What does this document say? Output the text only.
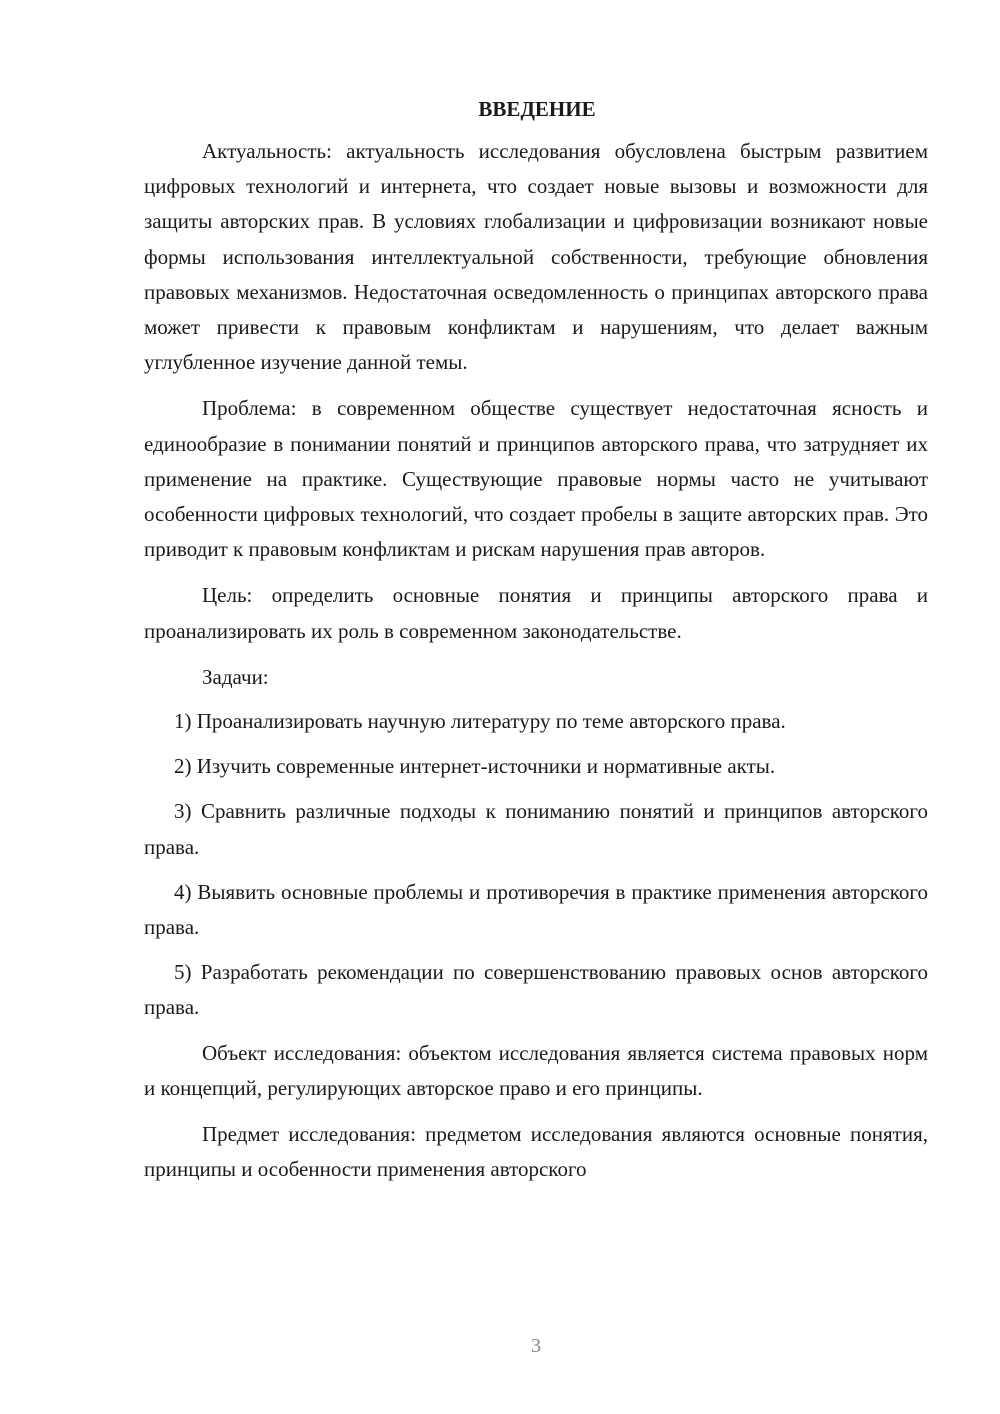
ВВЕДЕНИЕ

Актуальность: актуальность исследования обусловлена быстрым развитием цифровых технологий и интернета, что создает новые вызовы и возможности для защиты авторских прав. В условиях глобализации и цифровизации возникают новые формы использования интеллектуальной собственности, требующие обновления правовых механизмов. Недостаточная осведомленность о принципах авторского права может привести к правовым конфликтам и нарушениям, что делает важным углубленное изучение данной темы.

Проблема: в современном обществе существует недостаточная ясность и единообразие в понимании понятий и принципов авторского права, что затрудняет их применение на практике. Существующие правовые нормы часто не учитывают особенности цифровых технологий, что создает пробелы в защите авторских прав. Это приводит к правовым конфликтам и рискам нарушения прав авторов.

Цель: определить основные понятия и принципы авторского права и проанализировать их роль в современном законодательстве.

Задачи:

1) Проанализировать научную литературу по теме авторского права.

2) Изучить современные интернет-источники и нормативные акты.

3) Сравнить различные подходы к пониманию понятий и принципов авторского права.

4) Выявить основные проблемы и противоречия в практике применения авторского права.

5) Разработать рекомендации по совершенствованию правовых основ авторского права.

Объект исследования: объектом исследования является система правовых норм и концепций, регулирующих авторское право и его принципы.

Предмет исследования: предметом исследования являются основные понятия, принципы и особенности применения авторского

3
